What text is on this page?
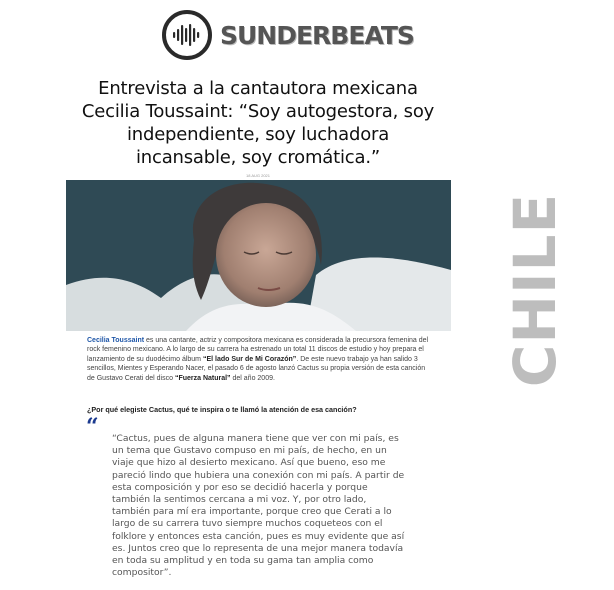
SUNDERBEATS
Entrevista a la cantautora mexicana Cecilia Toussaint: “Soy autogestora, soy independiente, soy luchadora incansable, soy cromática.”
18 AUG 2021

Cecilia Toussaint es una cantante, actriz y compositora mexicana es considerada la precursora femenina del rock femenino mexicano. A lo largo de su carrera ha estrenado un total 11 discos de estudio y hoy prepara el lanzamiento de su duodécimo álbum “El lado Sur de Mi Corazón”. De este nuevo trabajo ya han salido 3 sencillos, Mientes y Esperando Nacer, el pasado 6 de agosto lanzó Cactus su propia versión de esta canción de Gustavo Cerati del disco “Fuerza Natural” del año 2009.

¿Por qué elegiste Cactus, qué te inspira o te llamó la atención de esa canción?

“ “Cactus, pues de alguna manera tiene que ver con mi país, es un tema que Gustavo compuso en mi país, de hecho, en un viaje que hizo al desierto mexicano. Así que bueno, eso me pareció lindo que hubiera una conexión con mi país. A partir de esta composición y por eso se decidió hacerla y porque también la sentimos cercana a mi voz. Y, por otro lado, también para mí era importante, porque creo que Cerati a lo largo de su carrera tuvo siempre muchos coqueteos con el folklore y entonces esta canción, pues es muy evidente que así es. Juntos creo que lo representa de una mejor manera todavía en toda su amplitud y en toda su gama tan amplia como compositor”.

CHILE
